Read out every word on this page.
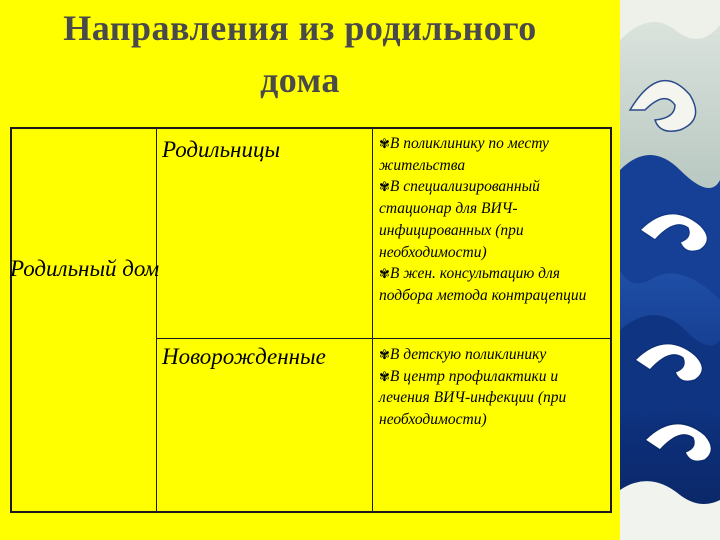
Направления из родильного дома
Родильный дом
Родильницы
Новорожденные

✾В поликлинику по месту жительства

✾В специализированный стационар для ВИЧ-инфицированных (при необходимости)

✾В жен. консультацию для подбора метода контрацепции

✾В детскую поликлинику

✾В центр профилактики и лечения ВИЧ-инфекции (при необходимости)
